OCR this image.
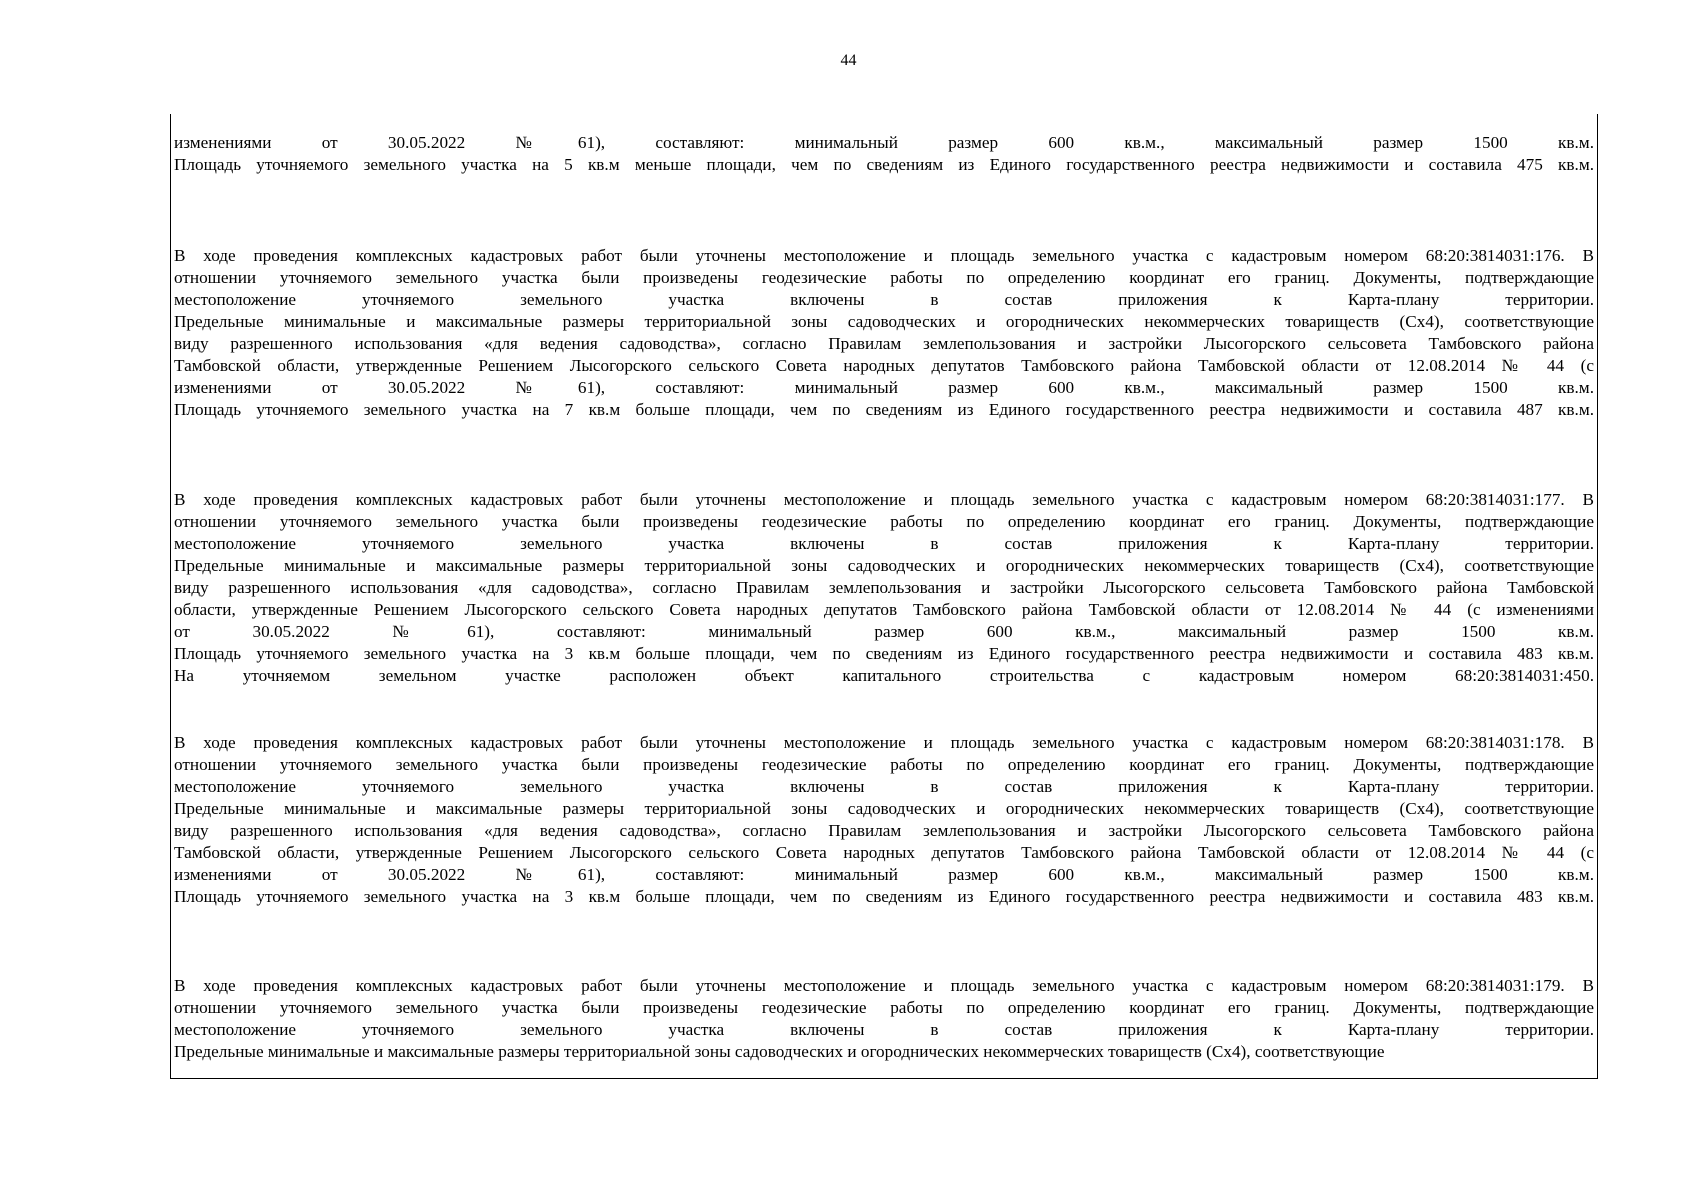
44
изменениями от 30.05.2022 №61), составляют: минимальный размер 600 кв.м., максимальный размер 1500 кв.м.
Площадь уточняемого земельного участка на 5 кв.м меньше площади, чем по сведениям из Единого государственного реестра недвижимости и составила 475 кв.м.
В ходе проведения комплексных кадастровых работ были уточнены местоположение и площадь земельного участка с кадастровым номером 68:20:3814031:176. В
отношении уточняемого земельного участка были произведены геодезические работы по определению координат его границ. Документы, подтверждающие
местоположение уточняемого земельного участка включены в состав приложения к Карта-плану территории.
Предельные минимальные и максимальные размеры территориальной зоны садоводческих и огороднических некоммерческих товариществ (Сх4), соответствующие
виду разрешенного использования «для ведения садоводства», согласно Правилам землепользования и застройки Лысогорского сельсовета Тамбовского района
Тамбовской области, утвержденные Решением Лысогорского сельского Совета народных депутатов Тамбовского района Тамбовской области от 12.08.2014 № 44 (с
изменениями от 30.05.2022 №61), составляют: минимальный размер 600 кв.м., максимальный размер 1500 кв.м.
Площадь уточняемого земельного участка на 7 кв.м больше площади, чем по сведениям из Единого государственного реестра недвижимости и составила 487 кв.м.
В ходе проведения комплексных кадастровых работ были уточнены местоположение и площадь земельного участка с кадастровым номером 68:20:3814031:177. В
отношении уточняемого земельного участка были произведены геодезические работы по определению координат его границ. Документы, подтверждающие
местоположение уточняемого земельного участка включены в состав приложения к Карта-плану территории.
Предельные минимальные и максимальные размеры территориальной зоны садоводческих и огороднических некоммерческих товариществ (Сх4), соответствующие
виду разрешенного использования «для садоводства», согласно Правилам землепользования и застройки Лысогорского сельсовета Тамбовского района Тамбовской
области, утвержденные Решением Лысогорского сельского Совета народных депутатов Тамбовского района Тамбовской области от 12.08.2014 № 44 (с изменениями
от 30.05.2022 №61), составляют: минимальный размер 600 кв.м., максимальный размер 1500 кв.м.
Площадь уточняемого земельного участка на 3 кв.м больше площади, чем по сведениям из Единого государственного реестра недвижимости и составила 483 кв.м.
На уточняемом земельном участке расположен объект капитального строительства с кадастровым номером 68:20:3814031:450.
В ходе проведения комплексных кадастровых работ были уточнены местоположение и площадь земельного участка с кадастровым номером 68:20:3814031:178. В
отношении уточняемого земельного участка были произведены геодезические работы по определению координат его границ. Документы, подтверждающие
местоположение уточняемого земельного участка включены в состав приложения к Карта-плану территории.
Предельные минимальные и максимальные размеры территориальной зоны садоводческих и огороднических некоммерческих товариществ (Сх4), соответствующие
виду разрешенного использования «для ведения садоводства», согласно Правилам землепользования и застройки Лысогорского сельсовета Тамбовского района
Тамбовской области, утвержденные Решением Лысогорского сельского Совета народных депутатов Тамбовского района Тамбовской области от 12.08.2014 № 44 (с
изменениями от 30.05.2022 №61), составляют: минимальный размер 600 кв.м., максимальный размер 1500 кв.м.
Площадь уточняемого земельного участка на 3 кв.м больше площади, чем по сведениям из Единого государственного реестра недвижимости и составила 483 кв.м.
В ходе проведения комплексных кадастровых работ были уточнены местоположение и площадь земельного участка с кадастровым номером 68:20:3814031:179. В
отношении уточняемого земельного участка были произведены геодезические работы по определению координат его границ. Документы, подтверждающие
местоположение уточняемого земельного участка включены в состав приложения к Карта-плану территории.
Предельные минимальные и максимальные размеры территориальной зоны садоводческих и огороднических некоммерческих товариществ (Сх4), соответствующие
